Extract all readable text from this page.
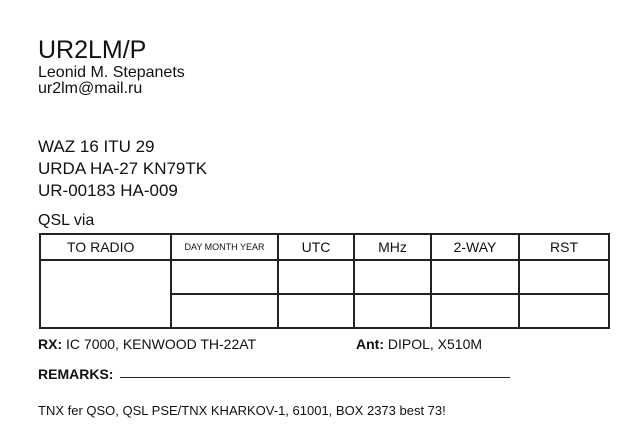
UR2LM/P
Leonid M. Stepanets
ur2lm@mail.ru
WAZ 16 ITU 29
URDA HA-27 KN79TK
UR-00183 HA-009
QSL via
TO RADIO	DAY MONTH YEAR	UTC	MHz	2-WAY	RST

RX: IC 7000, KENWOOD TH-22AT	Ant: DIPOL, X510M
REMARKS:
TNX fer QSO, QSL PSE/TNX KHARKOV-1, 61001, BOX 2373 best 73!
